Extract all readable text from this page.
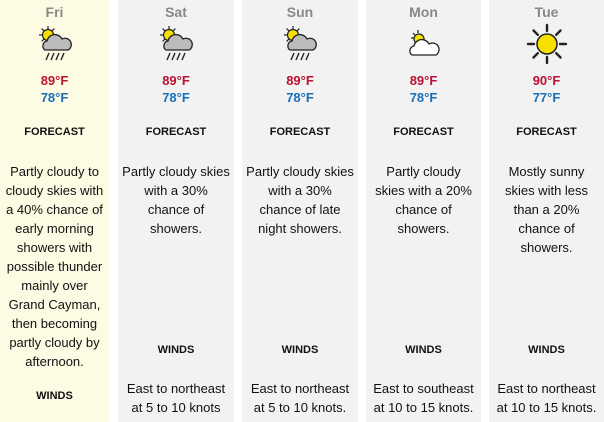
Fri
89°F
78°F
FORECAST
Partly cloudy to cloudy skies with a 40% chance of early morning showers with possible thunder mainly over Grand Cayman, then becoming partly cloudy by afternoon.
WINDS
Sat
89°F
78°F
FORECAST
Partly cloudy skies with a 30% chance of showers.
WINDS
East to northeast at 5 to 10 knots
Sun
89°F
78°F
FORECAST
Partly cloudy skies with a 30% chance of late night showers.
WINDS
East to northeast at 5 to 10 knots.
Mon
89°F
78°F
FORECAST
Partly cloudy skies with a 20% chance of showers.
WINDS
East to southeast at 10 to 15 knots.
Tue
90°F
77°F
FORECAST
Mostly sunny skies with less than a 20% chance of showers.
WINDS
East to northeast at 10 to 15 knots.
